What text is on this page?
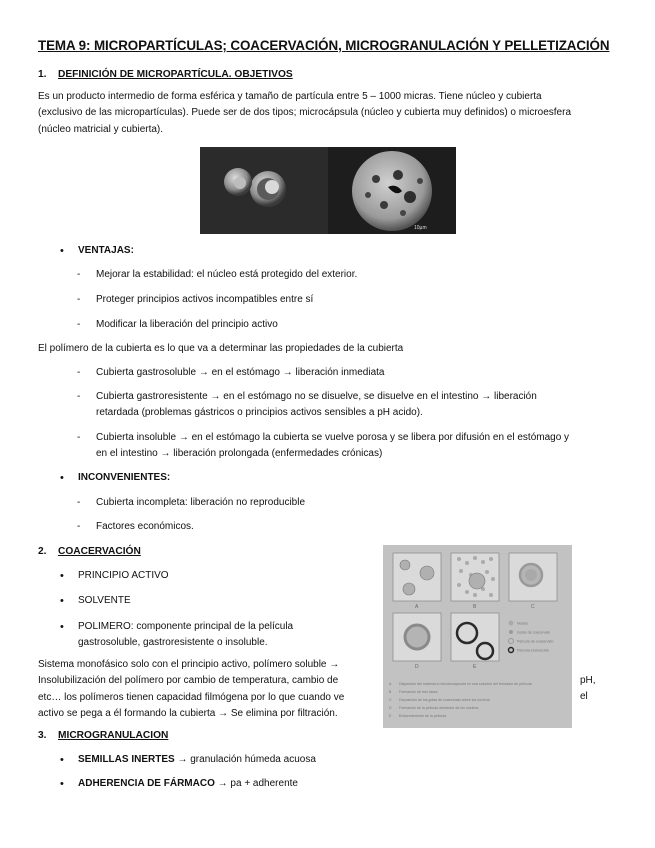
TEMA 9: MICROPARTÍCULAS; COACERVACIÓN, MICROGRANULACIÓN Y PELLETIZACIÓN
1. DEFINICIÓN DE MICROPARTÍCULA. OBJETIVOS
Es un producto intermedio de forma esférica y tamaño de partícula entre 5 – 1000 micras. Tiene núcleo y cubierta
(exclusivo de las micropartículas). Puede ser de dos tipos; microcápsula (núcleo y cubierta muy definidos) o microesfera
(núcleo matricial y cubierta).
10µm
• VENTAJAS:
- Mejorar la estabilidad: el núcleo está protegido del exterior.
- Proteger principios activos incompatibles entre sí
- Modificar la liberación del principio activo
El polímero de la cubierta es lo que va a determinar las propiedades de la cubierta
- Cubierta gastrosoluble → en el estómago → liberación inmediata
- Cubierta gastroresistente → en el estómago no se disuelve, se disuelve en el intestino → liberación
retardada (problemas gástricos o principios activos sensibles a pH acido).
- Cubierta insoluble → en el estómago la cubierta se vuelve porosa y se libera por difusión en el estómago y
en el intestino → liberación prolongada (enfermedades crónicas)
• INCONVENIENTES:
- Cubierta incompleta: liberación no reproducible
- Factores económicos.
2. COACERVACIÓN
• PRINCIPIO ACTIVO
• SOLVENTE
• POLIMERO: componente principal de la película
gastrosoluble, gastroresistente o insoluble.
Sistema monofásico solo con el principio activo, polímero soluble →
Insolubilización del polímero por cambio de temperatura, cambio de
etc… los polímeros tienen capacidad filmógena por lo que cuando ve
activo se pega a él formando la cubierta → Se elimina por filtración.
pH,
el
A	B	C
D	E
Núcleo
Gotas de coacervato
Película de coacervato
Película endurecida
A Dispersión del material a microencapsular en una solución del formador de película
B Formación de tres fases
C Deposición de los gotas de coacervato sobre los núcleos
D Formación de la película alrededor de los núcleos
E Endurecimiento de la película
3. MICROGRANULACION
• SEMILLAS INERTES → granulación húmeda acuosa
• ADHERENCIA DE FÁRMACO → pa + adherente
